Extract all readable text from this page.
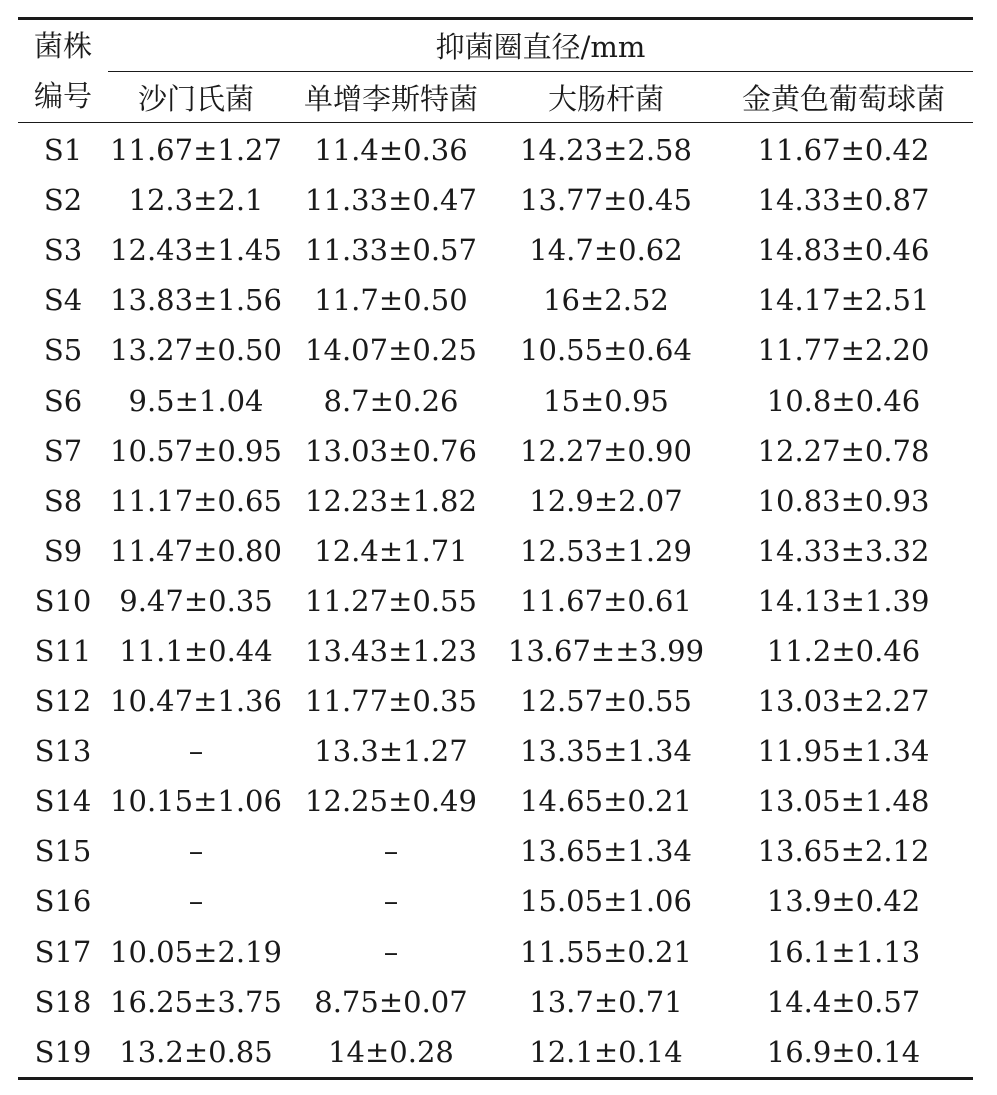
菌株
编号	抑菌圈直径/mm			
	沙门氏菌	单增李斯特菌	大肠杆菌	金黄色葡萄球菌
S1	11.67±1.27	11.4±0.36	14.23±2.58	11.67±0.42
S2	12.3±2.1	11.33±0.47	13.77±0.45	14.33±0.87
S3	12.43±1.45	11.33±0.57	14.7±0.62	14.83±0.46
S4	13.83±1.56	11.7±0.50	16±2.52	14.17±2.51
S5	13.27±0.50	14.07±0.25	10.55±0.64	11.77±2.20
S6	9.5±1.04	8.7±0.26	15±0.95	10.8±0.46
S7	10.57±0.95	13.03±0.76	12.27±0.90	12.27±0.78
S8	11.17±0.65	12.23±1.82	12.9±2.07	10.83±0.93
S9	11.47±0.80	12.4±1.71	12.53±1.29	14.33±3.32
S10	9.47±0.35	11.27±0.55	11.67±0.61	14.13±1.39
S11	11.1±0.44	13.43±1.23	13.67±±3.99	11.2±0.46
S12	10.47±1.36	11.77±0.35	12.57±0.55	13.03±2.27
S13	–	13.3±1.27	13.35±1.34	11.95±1.34
S14	10.15±1.06	12.25±0.49	14.65±0.21	13.05±1.48
S15	–	–	13.65±1.34	13.65±2.12
S16	–	–	15.05±1.06	13.9±0.42
S17	10.05±2.19	–	11.55±0.21	16.1±1.13
S18	16.25±3.75	8.75±0.07	13.7±0.71	14.4±0.57
S19	13.2±0.85	14±0.28	12.1±0.14	16.9±0.14
